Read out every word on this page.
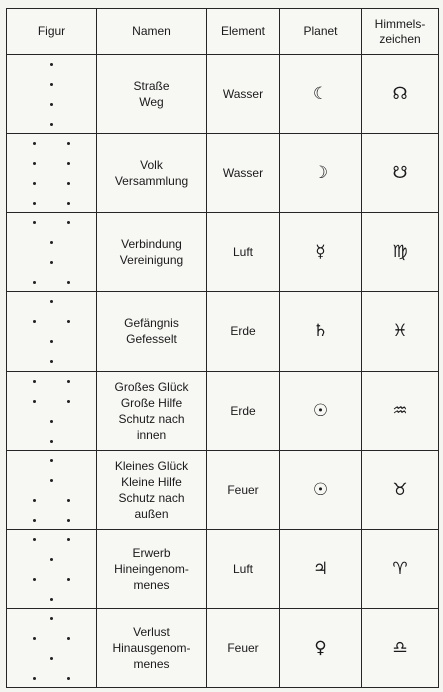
Figur	Namen	Element	Planet	Himmels-
zeichen

	Straße
Weg	Wasser	☾	☊

	Volk
Versammlung	Wasser	☽	☋

	Verbindung
Vereinigung	Luft	☿	♍

	Gefängnis
Gefesselt	Erde	♄	♓

	Großes Glück
Große Hilfe
Schutz nach
innen	Erde	☉	♒

	Kleines Glück
Kleine Hilfe
Schutz nach
außen	Feuer	☉	♉

	Erwerb
Hineingenom-
menes	Luft	♃	♈

	Verlust
Hinausgenom-
menes	Feuer	♀	♎
